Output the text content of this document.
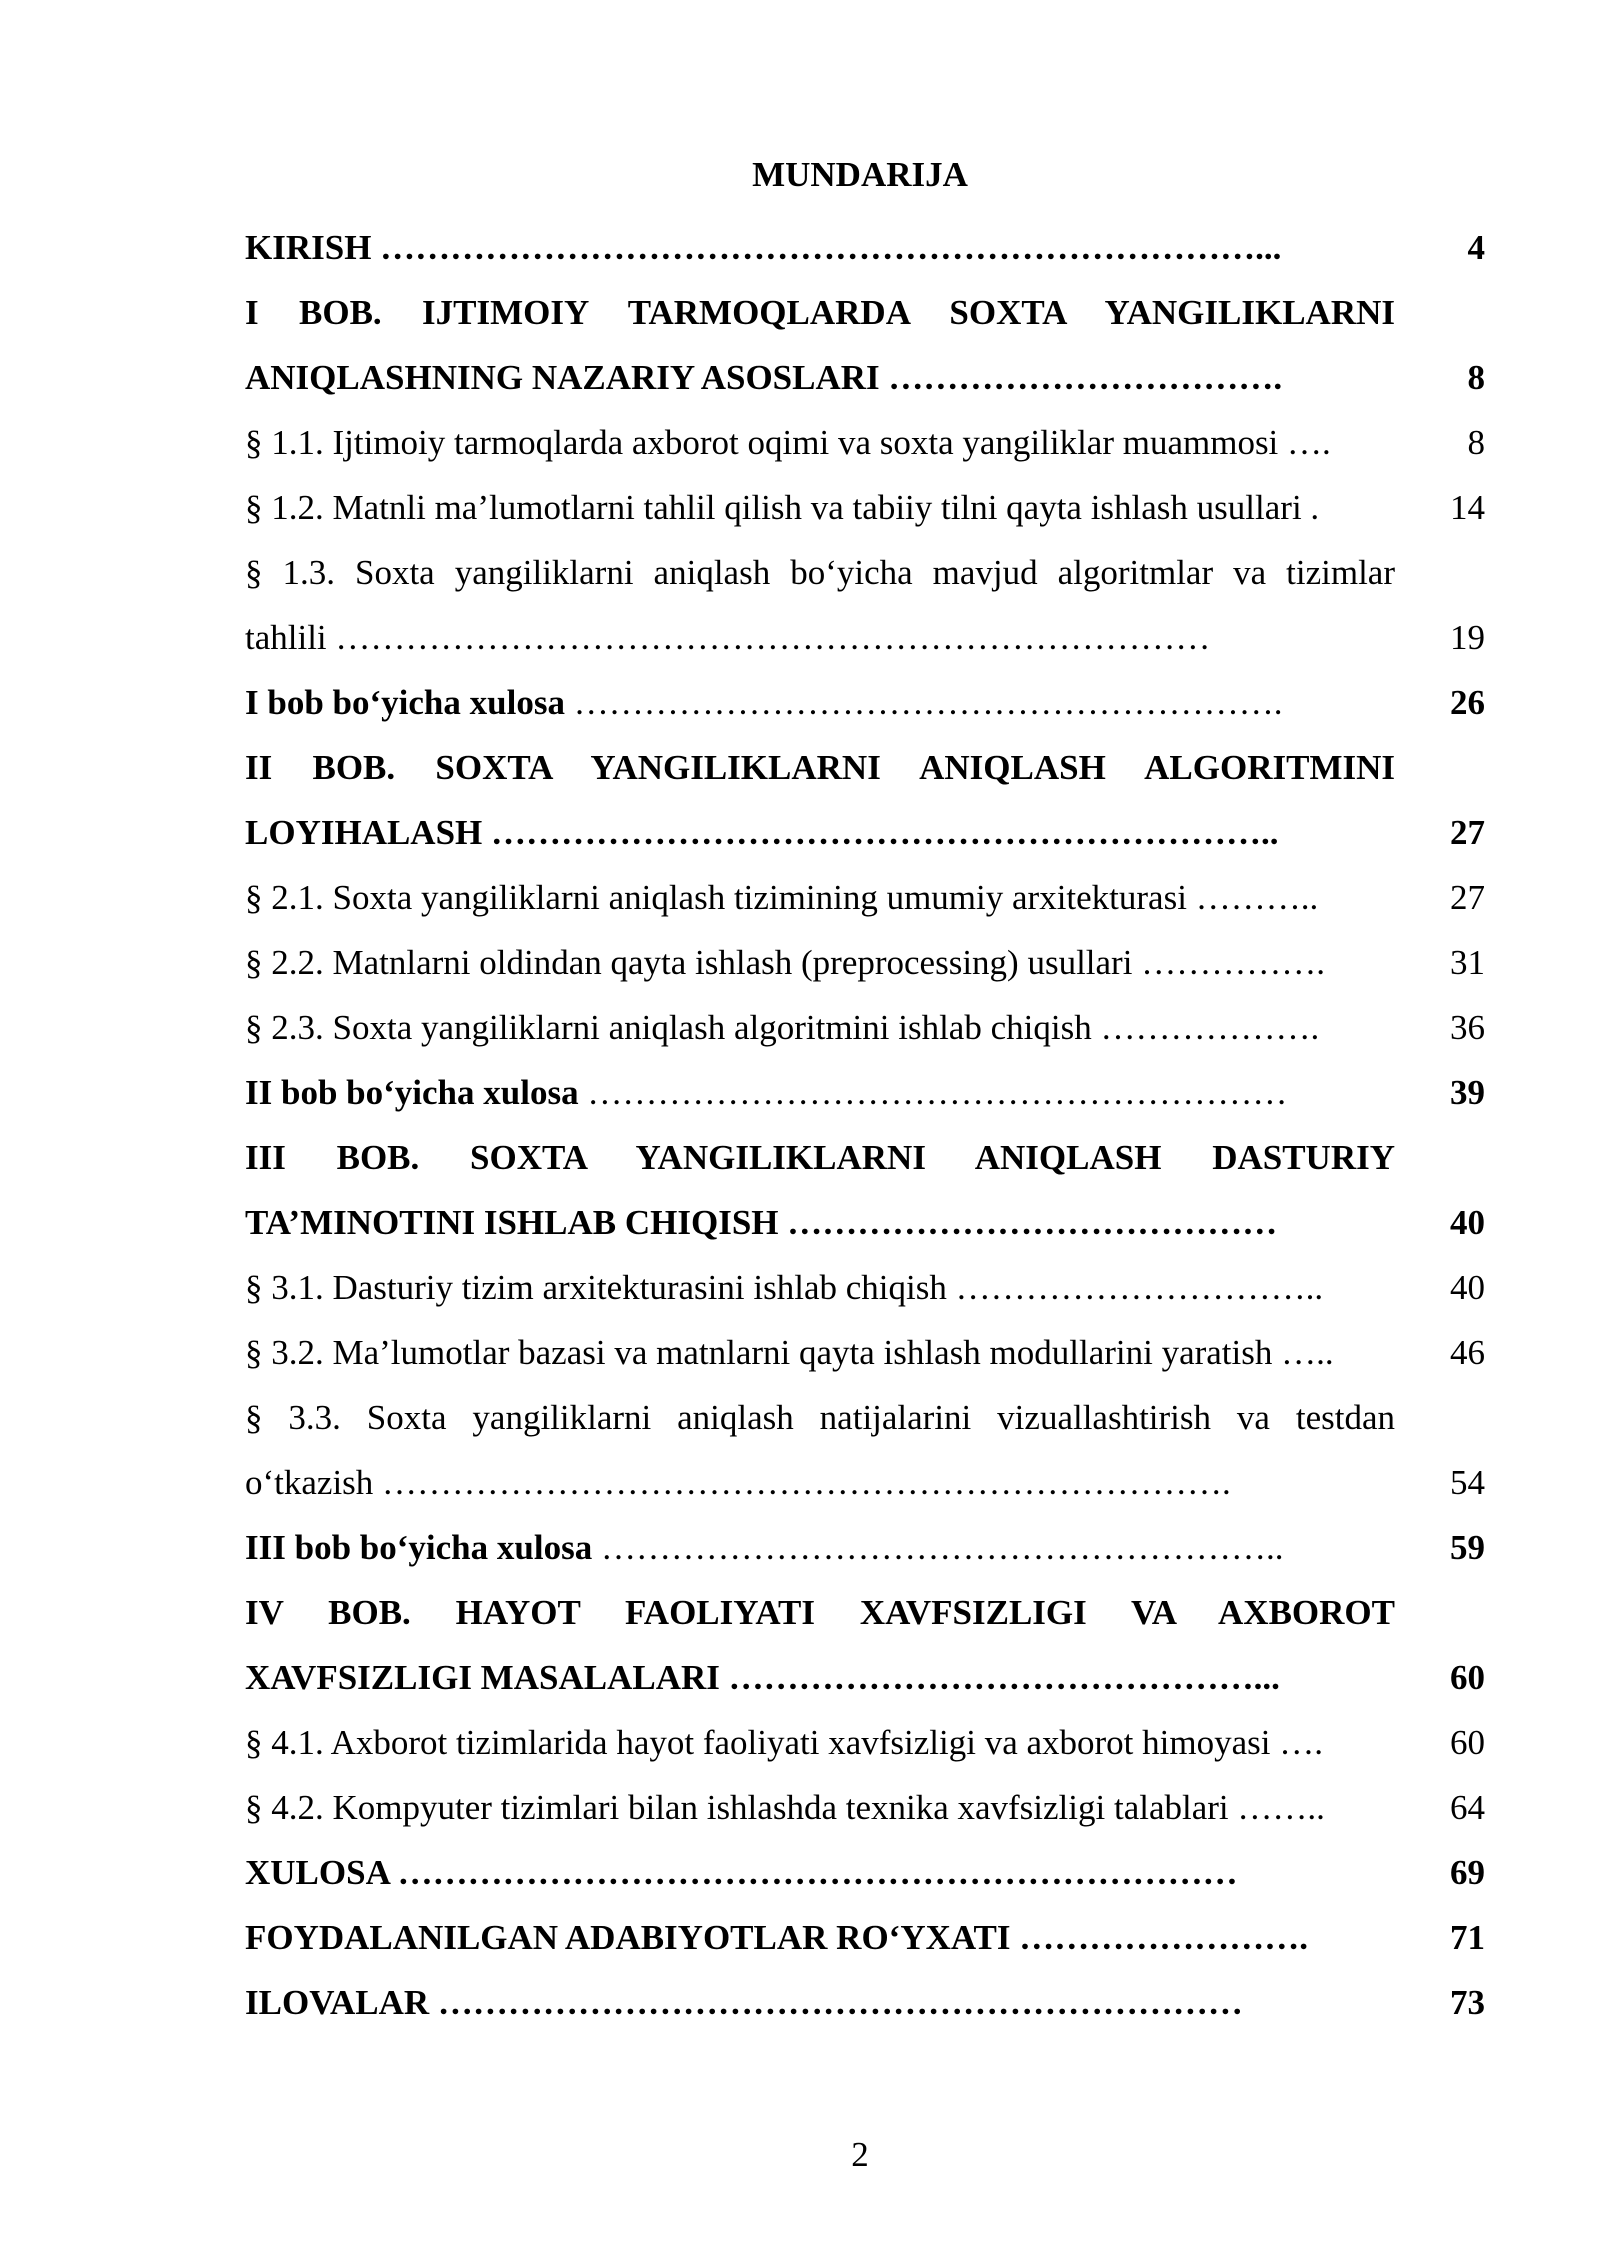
MUNDARIJA
KIRISH …………………………………………………………………...	4
I BOB. IJTIMOIY TARMOQLARDA SOXTA YANGILIKLARNI
ANIQLASHNING NAZARIY ASOSLARI …………………………….	8
§ 1.1. Ijtimoiy tarmoqlarda axborot oqimi va soxta yangiliklar muammosi ….	8
§ 1.2. Matnli ma’lumotlarni tahlil qilish va tabiiy tilni qayta ishlash usullari .	14
§ 1.3. Soxta yangiliklarni aniqlash bo‘yicha mavjud algoritmlar va tizimlar
tahlili …………………………………………………………………	19
I bob bo‘yicha xulosa …………………………………………………….	26
II BOB. SOXTA YANGILIKLARNI ANIQLASH ALGORITMINI
LOYIHALASH …………………………………………………………..	27
§ 2.1. Soxta yangiliklarni aniqlash tizimining umumiy arxitekturasi ………..	27
§ 2.2. Matnlarni oldindan qayta ishlash (preprocessing) usullari …………….	31
§ 2.3. Soxta yangiliklarni aniqlash algoritmini ishlab chiqish ……………….	36
II bob bo‘yicha xulosa ……………………………………………………	39
III BOB. SOXTA YANGILIKLARNI ANIQLASH DASTURIY
TA’MINOTINI ISHLAB CHIQISH ……………………………………	40
§ 3.1. Dasturiy tizim arxitekturasini ishlab chiqish …………………………..	40
§ 3.2. Ma’lumotlar bazasi va matnlarni qayta ishlash modullarini yaratish …..	46
§ 3.3. Soxta yangiliklarni aniqlash natijalarini vizuallashtirish va testdan
o‘tkazish ……………………………………………………………….	54
III bob bo‘yicha xulosa …………………………………………………..	59
IV BOB. HAYOT FAOLIYATI XAVFSIZLIGI VA AXBOROT
XAVFSIZLIGI MASALALARI ………………………………………...	60
§ 4.1. Axborot tizimlarida hayot faoliyati xavfsizligi va axborot himoyasi ….	60
§ 4.2. Kompyuter tizimlari bilan ishlashda texnika xavfsizligi talablari ……..	64
XULOSA ………………………………………………………………	69
FOYDALANILGAN ADABIYOTLAR RO‘YXATI …………………….	71
ILOVALAR ……………………………………………………………	73
2
